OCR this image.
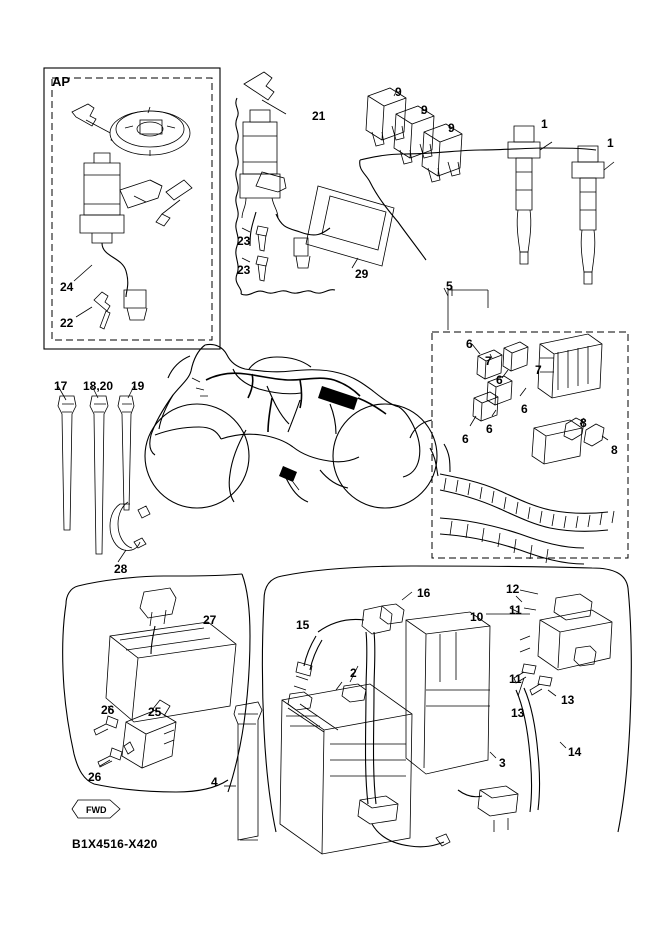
AP
21
9
9
9	1
1
23
23	29
24
22
5
6
7
7
6
6
6
6	8
8
17 18,20 19
28
27
26	25
26	4
15
16
2
3
12
10 11
11
13
13
14
FWD
B1X4516-X420
